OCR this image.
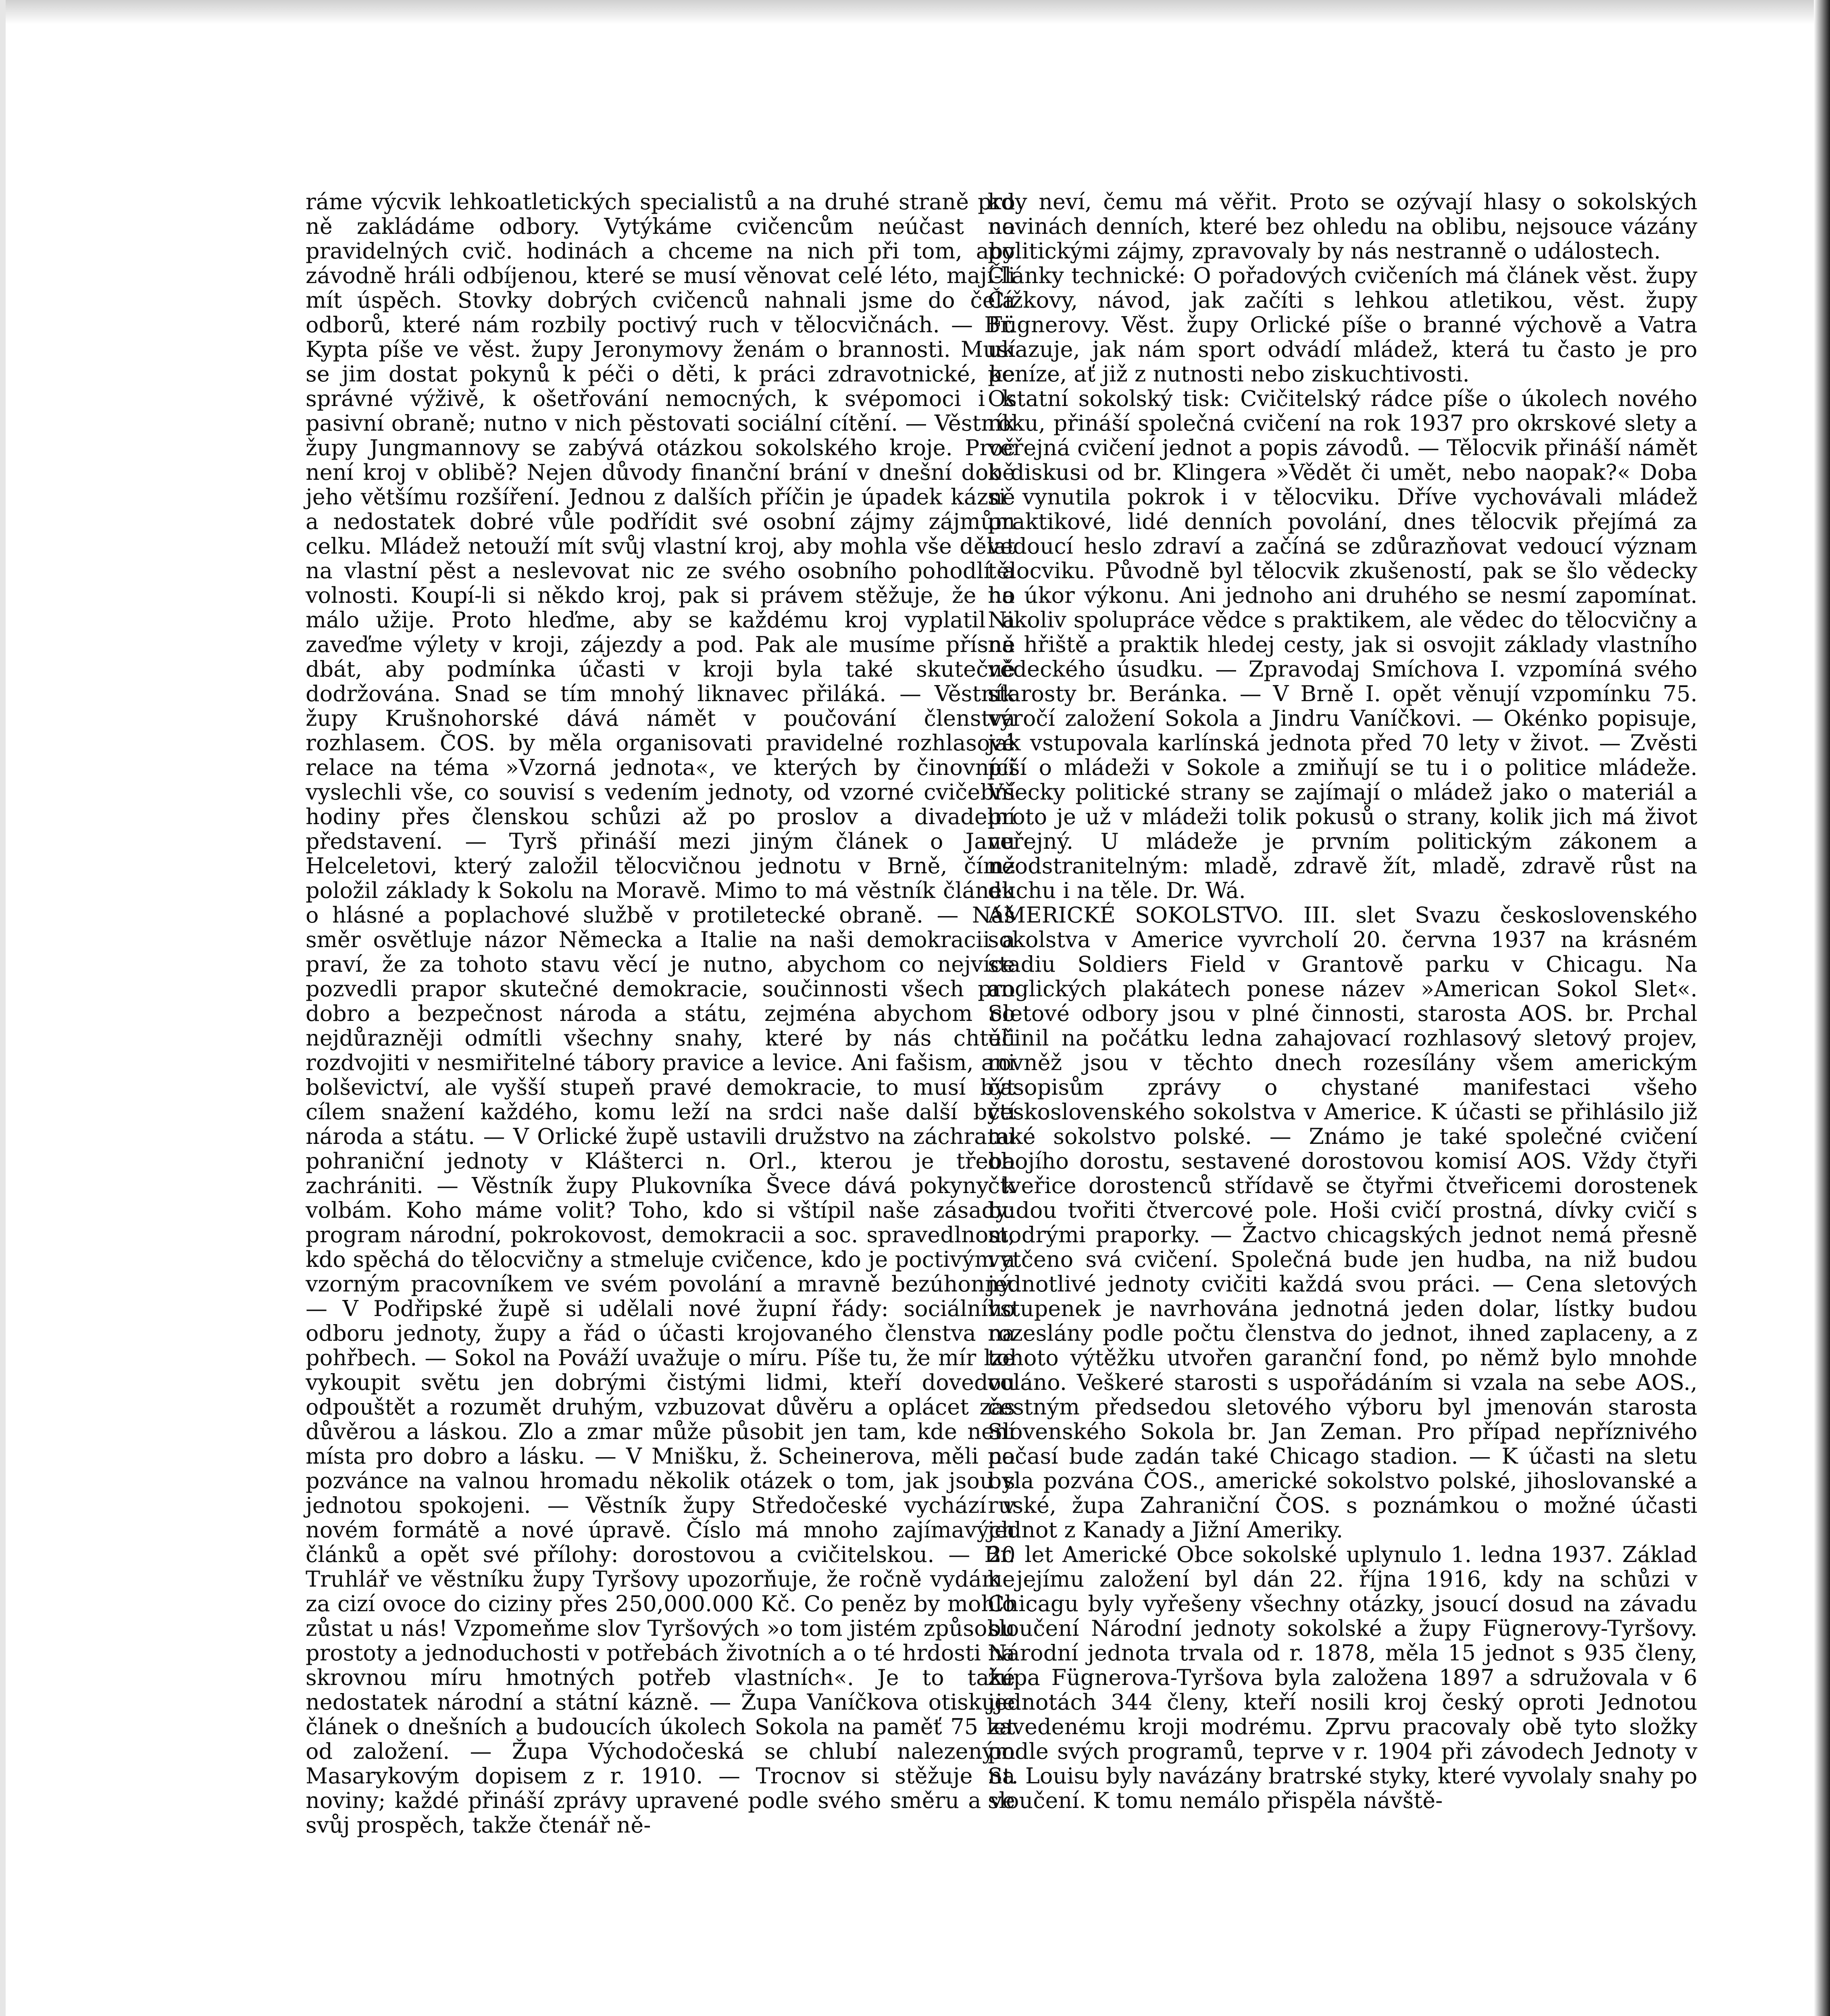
ráme výcvik lehkoatletických specialistů a na druhé straně pro ně zakládáme odbory. Vytýkáme cvičencům neúčast na pravidelných cvič. hodinách a chceme na nich při tom, aby závodně hráli odbíjenou, které se musí věnovat celé léto, mají-li mít úspěch. Stovky dobrých cvičenců nahnali jsme do čela odborů, které nám rozbily poctivý ruch v tělocvičnách. — Br. Kypta píše ve věst. župy Jeronymovy ženám o brannosti. Musí se jim dostat pokynů k péči o děti, k práci zdravotnické, ke správné výživě, k ošetřování nemocných, k svépomoci i k pasivní obraně; nutno v nich pěstovati sociální cítění. — Věstník župy Jungmannovy se zabývá otázkou sokolského kroje. Proč není kroj v oblibě? Nejen důvody finanční brání v dnešní době jeho většímu rozšíření. Jednou z dalších příčin je úpadek kázně a nedostatek dobré vůle podřídit své osobní zájmy zájmům celku. Mládež netouží mít svůj vlastní kroj, aby mohla vše dělat na vlastní pěst a neslevovat nic ze svého osobního pohodlí a volnosti. Koupí-li si někdo kroj, pak si právem stěžuje, že ho málo užije. Proto hleďme, aby se každému kroj vyplatil a zaveďme výlety v kroji, zájezdy a pod. Pak ale musíme přísně dbát, aby podmínka účasti v kroji byla také skutečně dodržována. Snad se tím mnohý liknavec přiláká. — Věstník župy Krušnohorské dává námět v poučování členstva rozhlasem. ČOS. by měla organisovati pravidelné rozhlasové relace na téma »Vzorná jednota«, ve kterých by činovníci vyslechli vše, co souvisí s vedením jednoty, od vzorné cvičební hodiny přes členskou schůzi až po proslov a divadelní představení. — Tyrš přináší mezi jiným článek o Janu Helceletovi, který založil tělocvičnou jednotu v Brně, čímž položil základy k Sokolu na Moravě. Mimo to má věstník článek o hlásné a poplachové službě v protiletecké obraně. — Náš směr osvětluje názor Německa a Italie na naši demokracii a praví, že za tohoto stavu věcí je nutno, abychom co nejvíce pozvedli prapor skutečné demokracie, součinnosti všech pro dobro a bezpečnost národa a státu, zejména abychom co nejdůrazněji odmítli všechny snahy, které by nás chtěli rozdvojiti v nesmiřitelné tábory pravice a levice. Ani fašism, ani bolševictví, ale vyšší stupeň pravé demokracie, to musí být cílem snažení každého, komu leží na srdci naše další bytí národa a státu. — V Orlické župě ustavili družstvo na záchranu pohraniční jednoty v Klášterci n. Orl., kterou je třeba zachrániti. — Věstník župy Plukovníka Švece dává pokyny k volbám. Koho máme volit? Toho, kdo si vštípil naše zásady: program národní, pokrokovost, demokracii a soc. spravedlnost, kdo spěchá do tělocvičny a stmeluje cvičence, kdo je poctivým a vzorným pracovníkem ve svém povolání a mravně bezúhonný. — V Podřipské župě si udělali nové župní řády: sociálního odboru jednoty, župy a řád o účasti krojovaného členstva na pohřbech. — Sokol na Pováží uvažuje o míru. Píše tu, že mír lze vykoupit světu jen dobrými čistými lidmi, kteří dovedou odpouštět a rozumět druhým, vzbuzovat důvěru a oplácet zas důvěrou a láskou. Zlo a zmar může působit jen tam, kde není místa pro dobro a lásku. — V Mnišku, ž. Scheinerova, měli na pozvánce na valnou hromadu několik otázek o tom, jak jsou s jednotou spokojeni. — Věstník župy Středočeské vychází v novém formátě a nové úpravě. Číslo má mnoho zajímavých článků a opět své přílohy: dorostovou a cvičitelskou. — Br. Truhlář ve věstníku župy Tyršovy upozorňuje, že ročně vydáme za cizí ovoce do ciziny přes 250,000.000 Kč. Co peněz by mohlo zůstat u nás! Vzpomeňme slov Tyršových »o tom jistém způsobu prostoty a jednoduchosti v potřebách životních a o té hrdosti na skrovnou míru hmotných potřeb vlastních«. Je to také nedostatek národní a státní kázně. — Župa Vaníčkova otiskuje článek o dnešních a budoucích úkolech Sokola na paměť 75 let od založení. — Župa Východočeská se chlubí nalezeným Masarykovým dopisem z r. 1910. — Trocnov si stěžuje na noviny; každé přináší zprávy upravené podle svého směru a ve svůj prospěch, takže čtenář ně-

kdy neví, čemu má věřit. Proto se ozývají hlasy o sokolských novinách denních, které bez ohledu na oblibu, nejsouce vázány politickými zájmy, zpravovaly by nás nestranně o událostech.

Články technické: O pořadových cvičeních má článek věst. župy Čížkovy, návod, jak začíti s lehkou atletikou, věst. župy Fügnerovy. Věst. župy Orlické píše o branné výchově a Vatra ukazuje, jak nám sport odvádí mládež, která tu často je pro peníze, ať již z nutnosti nebo ziskuchtivosti.

Ostatní sokolský tisk: Cvičitelský rádce píše o úkolech nového roku, přináší společná cvičení na rok 1937 pro okrskové slety a veřejná cvičení jednot a popis závodů. — Tělocvik přináší námět k diskusi od br. Klingera »Vědět či umět, nebo naopak?« Doba si vynutila pokrok i v tělocviku. Dříve vychovávali mládež praktikové, lidé denních povolání, dnes tělocvik přejímá za vedoucí heslo zdraví a začíná se zdůrazňovat vedoucí význam tělocviku. Původně byl tělocvik zkušeností, pak se šlo vědecky na úkor výkonu. Ani jednoho ani druhého se nesmí zapomínat. Nikoliv spolupráce vědce s praktikem, ale vědec do tělocvičny a na hřiště a praktik hledej cesty, jak si osvojit základy vlastního vědeckého úsudku. — Zpravodaj Smíchova I. vzpomíná svého starosty br. Beránka. — V Brně I. opět věnují vzpomínku 75. výročí založení Sokola a Jindru Vaníčkovi. — Okénko popisuje, jak vstupovala karlínská jednota před 70 lety v život. — Zvěsti píší o mládeži v Sokole a zmiňují se tu i o politice mládeže. Všecky politické strany se zajímají o mládež jako o materiál a proto je už v mládeži tolik pokusů o strany, kolik jich má život veřejný. U mládeže je prvním politickým zákonem a neodstranitelným: mladě, zdravě žít, mladě, zdravě růst na duchu i na těle. Dr. Wá.

AMERICKÉ SOKOLSTVO. III. slet Svazu československého sokolstva v Americe vyvrcholí 20. června 1937 na krásném stadiu Soldiers Field v Grantově parku v Chicagu. Na anglických plakátech ponese název »American Sokol Slet«. Sletové odbory jsou v plné činnosti, starosta AOS. br. Prchal učinil na počátku ledna zahajovací rozhlasový sletový projev, rovněž jsou v těchto dnech rozesílány všem americkým časopisům zprávy o chystané manifestaci všeho československého sokolstva v Americe. K účasti se přihlásilo již také sokolstvo polské. — Známo je také společné cvičení obojího dorostu, sestavené dorostovou komisí AOS. Vždy čtyři čtveřice dorostenců střídavě se čtyřmi čtveřicemi dorostenek budou tvořiti čtvercové pole. Hoši cvičí prostná, dívky cvičí s modrými praporky. — Žactvo chicagských jednot nemá přesně vytčeno svá cvičení. Společná bude jen hudba, na niž budou jednotlivé jednoty cvičiti každá svou práci. — Cena sletových vstupenek je navrhována jednotná jeden dolar, lístky budou rozeslány podle počtu členstva do jednot, ihned zaplaceny, a z tohoto výtěžku utvořen garanční fond, po němž bylo mnohde voláno. Veškeré starosti s uspořádáním si vzala na sebe AOS., čestným předsedou sletového výboru byl jmenován starosta Slovenského Sokola br. Jan Zeman. Pro případ nepříznivého počasí bude zadán také Chicago stadion. — K účasti na sletu byla pozvána ČOS., americké sokolstvo polské, jihoslovanské a ruské, župa Zahraniční ČOS. s poznámkou o možné účasti jednot z Kanady a Jižní Ameriky.

20 let Americké Obce sokolské uplynulo 1. ledna 1937. Základ k jejímu založení byl dán 22. října 1916, kdy na schůzi v Chicagu byly vyřešeny všechny otázky, jsoucí dosud na závadu sloučení Národní jednoty sokolské a župy Fügnerovy-Tyršovy. Národní jednota trvala od r. 1878, měla 15 jednot s 935 členy, župa Fügnerova-Tyršova byla založena 1897 a sdružovala v 6 jednotách 344 členy, kteří nosili kroj český oproti Jednotou zavedenému kroji modrému. Zprvu pracovaly obě tyto složky podle svých programů, teprve v r. 1904 při závodech Jednoty v St. Louisu byly navázány bratrské styky, které vyvolaly snahy po sloučení. K tomu nemálo přispěla návště-
